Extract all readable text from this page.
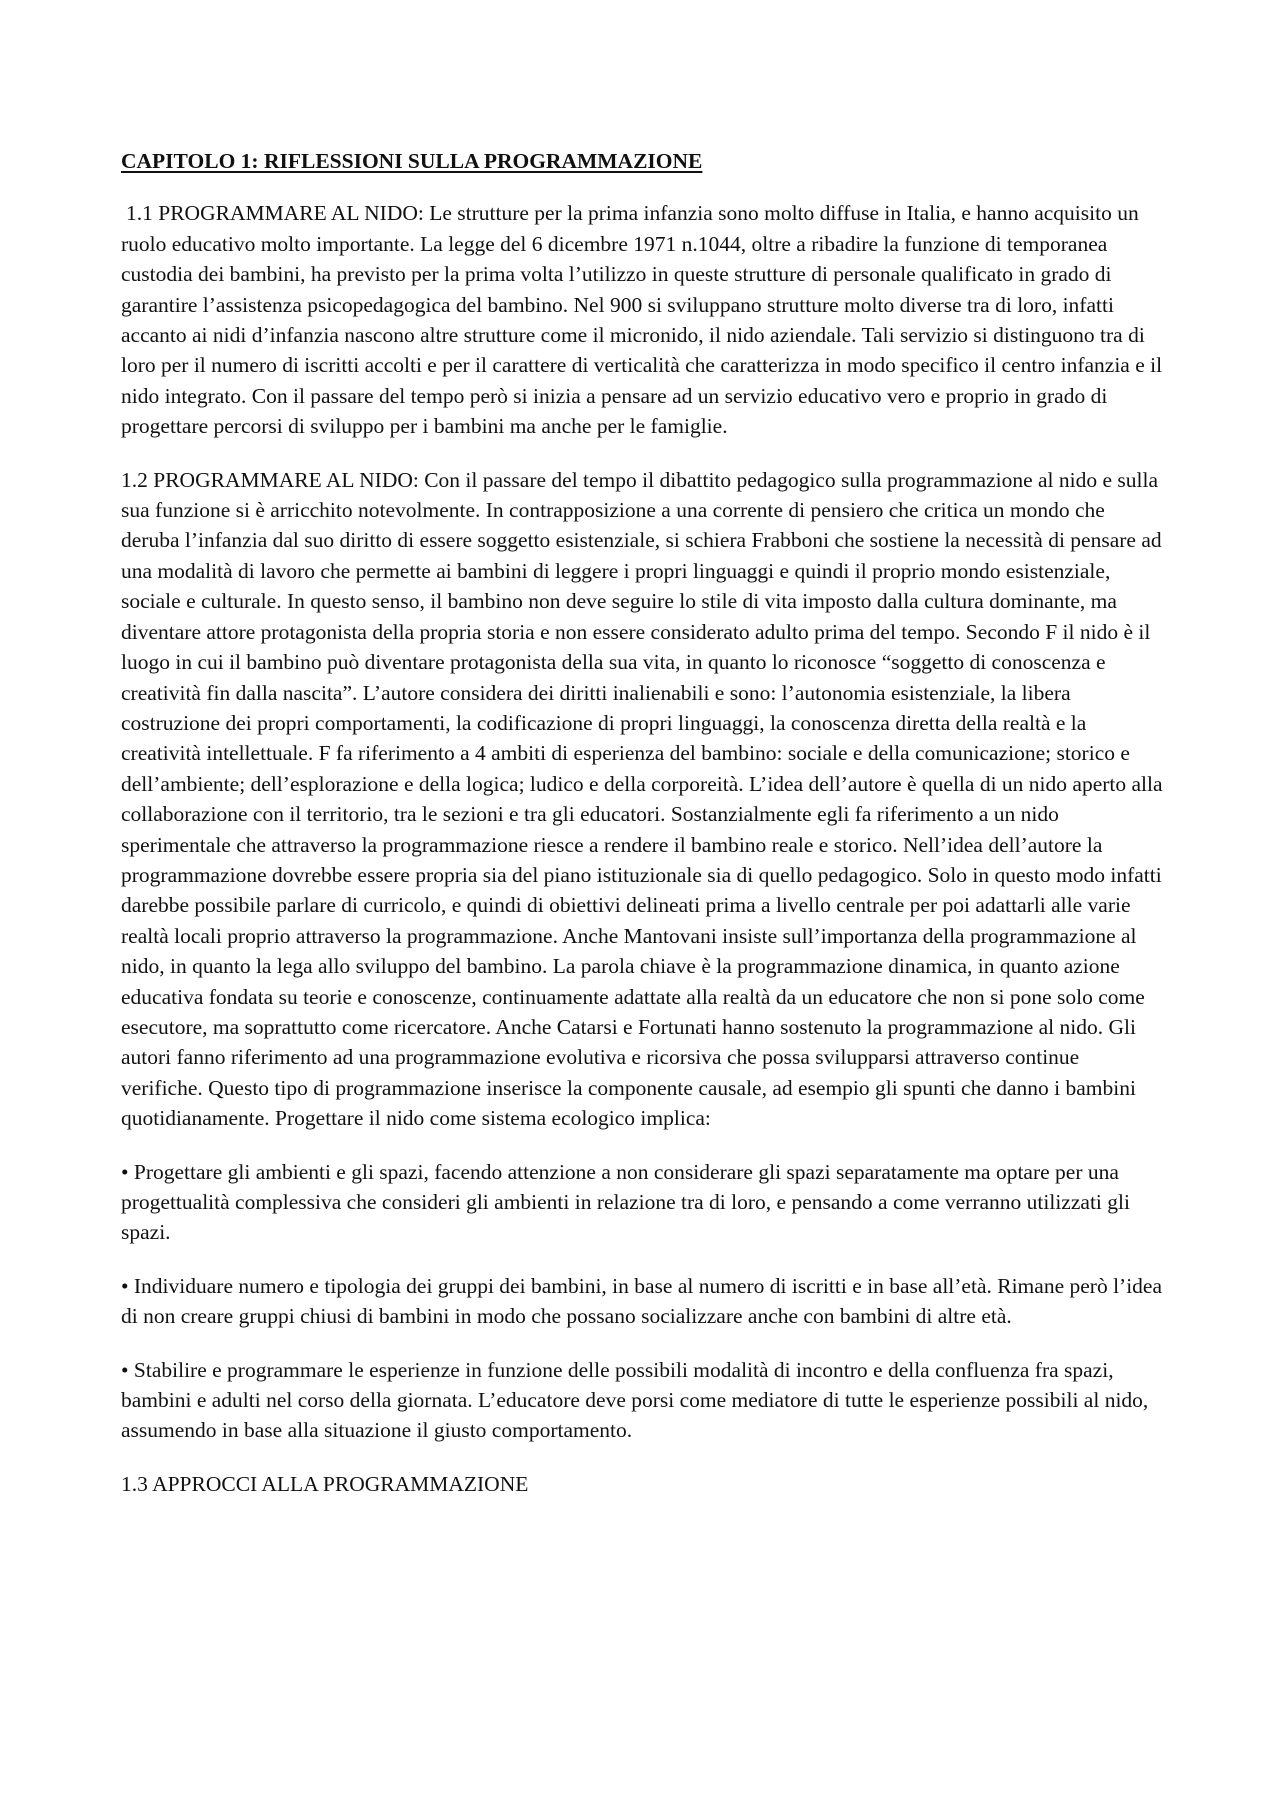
CAPITOLO 1: RIFLESSIONI SULLA PROGRAMMAZIONE

1.1 PROGRAMMARE AL NIDO: Le strutture per la prima infanzia sono molto diffuse in Italia, e hanno acquisito un ruolo educativo molto importante. La legge del 6 dicembre 1971 n.1044, oltre a ribadire la funzione di temporanea custodia dei bambini, ha previsto per la prima volta l’utilizzo in queste strutture di personale qualificato in grado di garantire l’assistenza psicopedagogica del bambino. Nel 900 si sviluppano strutture molto diverse tra di loro, infatti accanto ai nidi d’infanzia nascono altre strutture come il micronido, il nido aziendale. Tali servizio si distinguono tra di loro per il numero di iscritti accolti e per il carattere di verticalità che caratterizza in modo specifico il centro infanzia e il nido integrato. Con il passare del tempo però si inizia a pensare ad un servizio educativo vero e proprio in grado di progettare percorsi di sviluppo per i bambini ma anche per le famiglie.

1.2 PROGRAMMARE AL NIDO: Con il passare del tempo il dibattito pedagogico sulla programmazione al nido e sulla sua funzione si è arricchito notevolmente. In contrapposizione a una corrente di pensiero che critica un mondo che deruba l’infanzia dal suo diritto di essere soggetto esistenziale, si schiera Frabboni che sostiene la necessità di pensare ad una modalità di lavoro che permette ai bambini di leggere i propri linguaggi e quindi il proprio mondo esistenziale, sociale e culturale. In questo senso, il bambino non deve seguire lo stile di vita imposto dalla cultura dominante, ma diventare attore protagonista della propria storia e non essere considerato adulto prima del tempo. Secondo F il nido è il luogo in cui il bambino può diventare protagonista della sua vita, in quanto lo riconosce “soggetto di conoscenza e creatività fin dalla nascita”. L’autore considera dei diritti inalienabili e sono: l’autonomia esistenziale, la libera costruzione dei propri comportamenti, la codificazione di propri linguaggi, la conoscenza diretta della realtà e la creatività intellettuale. F fa riferimento a 4 ambiti di esperienza del bambino: sociale e della comunicazione; storico e dell’ambiente; dell’esplorazione e della logica; ludico e della corporeità. L’idea dell’autore è quella di un nido aperto alla collaborazione con il territorio, tra le sezioni e tra gli educatori. Sostanzialmente egli fa riferimento a un nido sperimentale che attraverso la programmazione riesce a rendere il bambino reale e storico. Nell’idea dell’autore la programmazione dovrebbe essere propria sia del piano istituzionale sia di quello pedagogico. Solo in questo modo infatti darebbe possibile parlare di curricolo, e quindi di obiettivi delineati prima a livello centrale per poi adattarli alle varie realtà locali proprio attraverso la programmazione. Anche Mantovani insiste sull’importanza della programmazione al nido, in quanto la lega allo sviluppo del bambino. La parola chiave è la programmazione dinamica, in quanto azione educativa fondata su teorie e conoscenze, continuamente adattate alla realtà da un educatore che non si pone solo come esecutore, ma soprattutto come ricercatore. Anche Catarsi e Fortunati hanno sostenuto la programmazione al nido. Gli autori fanno riferimento ad una programmazione evolutiva e ricorsiva che possa svilupparsi attraverso continue verifiche. Questo tipo di programmazione inserisce la componente causale, ad esempio gli spunti che danno i bambini quotidianamente. Progettare il nido come sistema ecologico implica:

• Progettare gli ambienti e gli spazi, facendo attenzione a non considerare gli spazi separatamente ma optare per una progettualità complessiva che consideri gli ambienti in relazione tra di loro, e pensando a come verranno utilizzati gli spazi.

• Individuare numero e tipologia dei gruppi dei bambini, in base al numero di iscritti e in base all’età. Rimane però l’idea di non creare gruppi chiusi di bambini in modo che possano socializzare anche con bambini di altre età.

• Stabilire e programmare le esperienze in funzione delle possibili modalità di incontro e della confluenza fra spazi, bambini e adulti nel corso della giornata. L’educatore deve porsi come mediatore di tutte le esperienze possibili al nido, assumendo in base alla situazione il giusto comportamento.

1.3 APPROCCI ALLA PROGRAMMAZIONE
